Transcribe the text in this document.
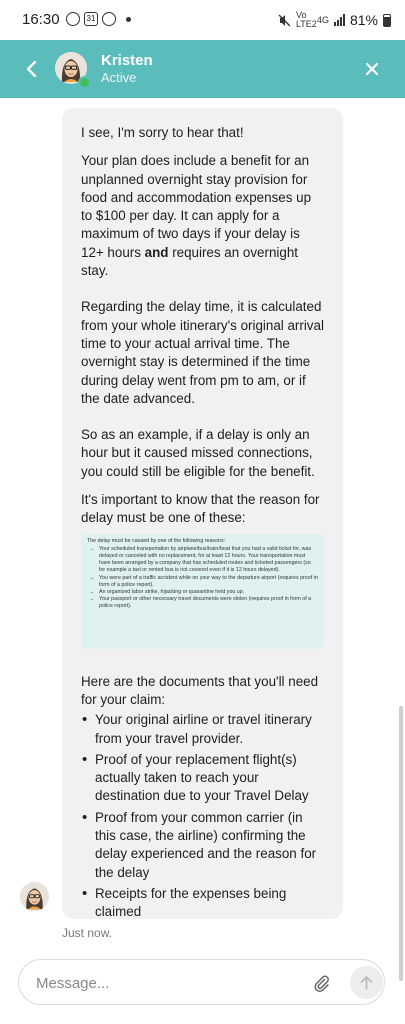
16:30	31	Vo LTE2 4G 81%
Kristen
Active

I see, I'm sorry to hear that!

Your plan does include a benefit for an unplanned overnight stay provision for food and accommodation expenses up to $100 per day. It can apply for a maximum of two days if your delay is 12+ hours and requires an overnight stay.

Regarding the delay time, it is calculated from your whole itinerary's original arrival time to your actual arrival time. The overnight stay is determined if the time during delay went from pm to am, or if the date advanced.

So as an example, if a delay is only an hour but it caused missed connections, you could still be eligible for the benefit.

It's important to know that the reason for delay must be one of these:

The delay must be caused by one of the following reasons:
→ Your scheduled transportation by airplane/bus/train/boat that you had a valid ticket for, was delayed or canceled with no replacement, for at least 12 hours. Your transportation must have been arranged by a company that has scheduled routes and ticketed passengers (so for example a taxi or rented bus is not covered even if it is 12 hours delayed).
→ You were part of a traffic accident while on your way to the departure airport (requires proof in form of a police report).
→ An organized labor strike, hijacking or quarantine held you up.
→ Your passport or other necessary travel documents were stolen (requires proof in form of a police report).

Here are the documents that you'll need for your claim:

• Your original airline or travel itinerary from your travel provider.
• Proof of your replacement flight(s) actually taken to reach your destination due to your Travel Delay
• Proof from your common carrier (in this case, the airline) confirming the delay experienced and the reason for the delay
• Receipts for the expenses being claimed
Just now.
Message...
